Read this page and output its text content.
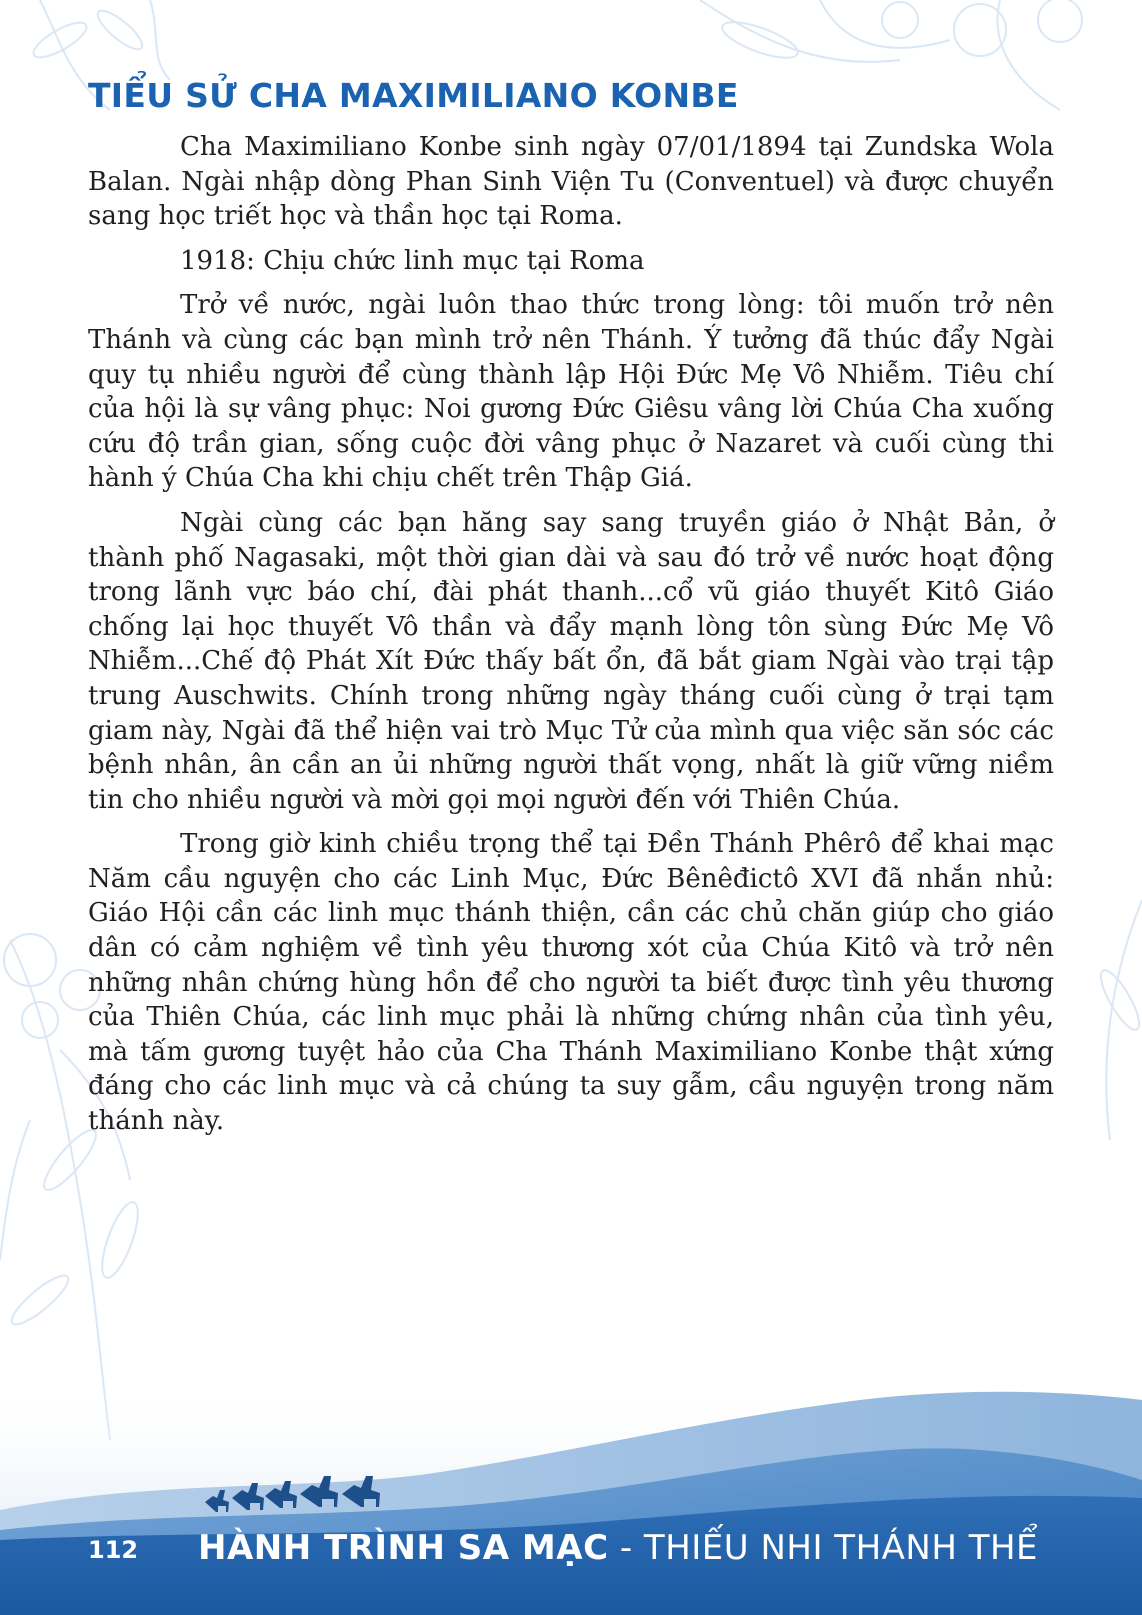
TIỂU SỬ CHA MAXIMILIANO KONBE

Cha Maximiliano Konbe sinh ngày 07/01/1894 tại Zundska Wola Balan. Ngài nhập dòng Phan Sinh Viện Tu (Conventuel) và được chuyển sang học triết học và thần học tại Roma.

1918: Chịu chức linh mục tại Roma

Trở về nước, ngài luôn thao thức trong lòng: tôi muốn trở nên Thánh và cùng các bạn mình trở nên Thánh. Ý tưởng đã thúc đẩy Ngài quy tụ nhiều người để cùng thành lập Hội Đức Mẹ Vô Nhiễm. Tiêu chí của hội là sự vâng phục: Noi gương Đức Giêsu vâng lời Chúa Cha xuống cứu độ trần gian, sống cuộc đời vâng phục ở Nazaret và cuối cùng thi hành ý Chúa Cha khi chịu chết trên Thập Giá.

Ngài cùng các bạn hăng say sang truyền giáo ở Nhật Bản, ở thành phố Nagasaki, một thời gian dài và sau đó trở về nước hoạt động trong lãnh vực báo chí, đài phát thanh...cổ vũ giáo thuyết Kitô Giáo chống lại học thuyết Vô thần và đẩy mạnh lòng tôn sùng Đức Mẹ Vô Nhiễm...Chế độ Phát Xít Đức thấy bất ổn, đã bắt giam Ngài vào trại tập trung Auschwits. Chính trong những ngày tháng cuối cùng ở trại tạm giam này, Ngài đã thể hiện vai trò Mục Tử của mình qua việc săn sóc các bệnh nhân, ân cần an ủi những người thất vọng, nhất là giữ vững niềm tin cho nhiều người và mời gọi mọi người đến với Thiên Chúa.

Trong giờ kinh chiều trọng thể tại Đền Thánh Phêrô để khai mạc Năm cầu nguyện cho các Linh Mục, Đức Bênêđictô XVI đã nhắn nhủ: Giáo Hội cần các linh mục thánh thiện, cần các chủ chăn giúp cho giáo dân có cảm nghiệm về tình yêu thương xót của Chúa Kitô và trở nên những nhân chứng hùng hồn để cho người ta biết được tình yêu thương của Thiên Chúa, các linh mục phải là những chứng nhân của tình yêu, mà tấm gương tuyệt hảo của Cha Thánh Maximiliano Konbe thật xứng đáng cho các linh mục và cả chúng ta suy gẫm, cầu nguyện trong năm thánh này.

112 HÀNH TRÌNH SA MẠC - THIẾU NHI THÁNH THỂ
